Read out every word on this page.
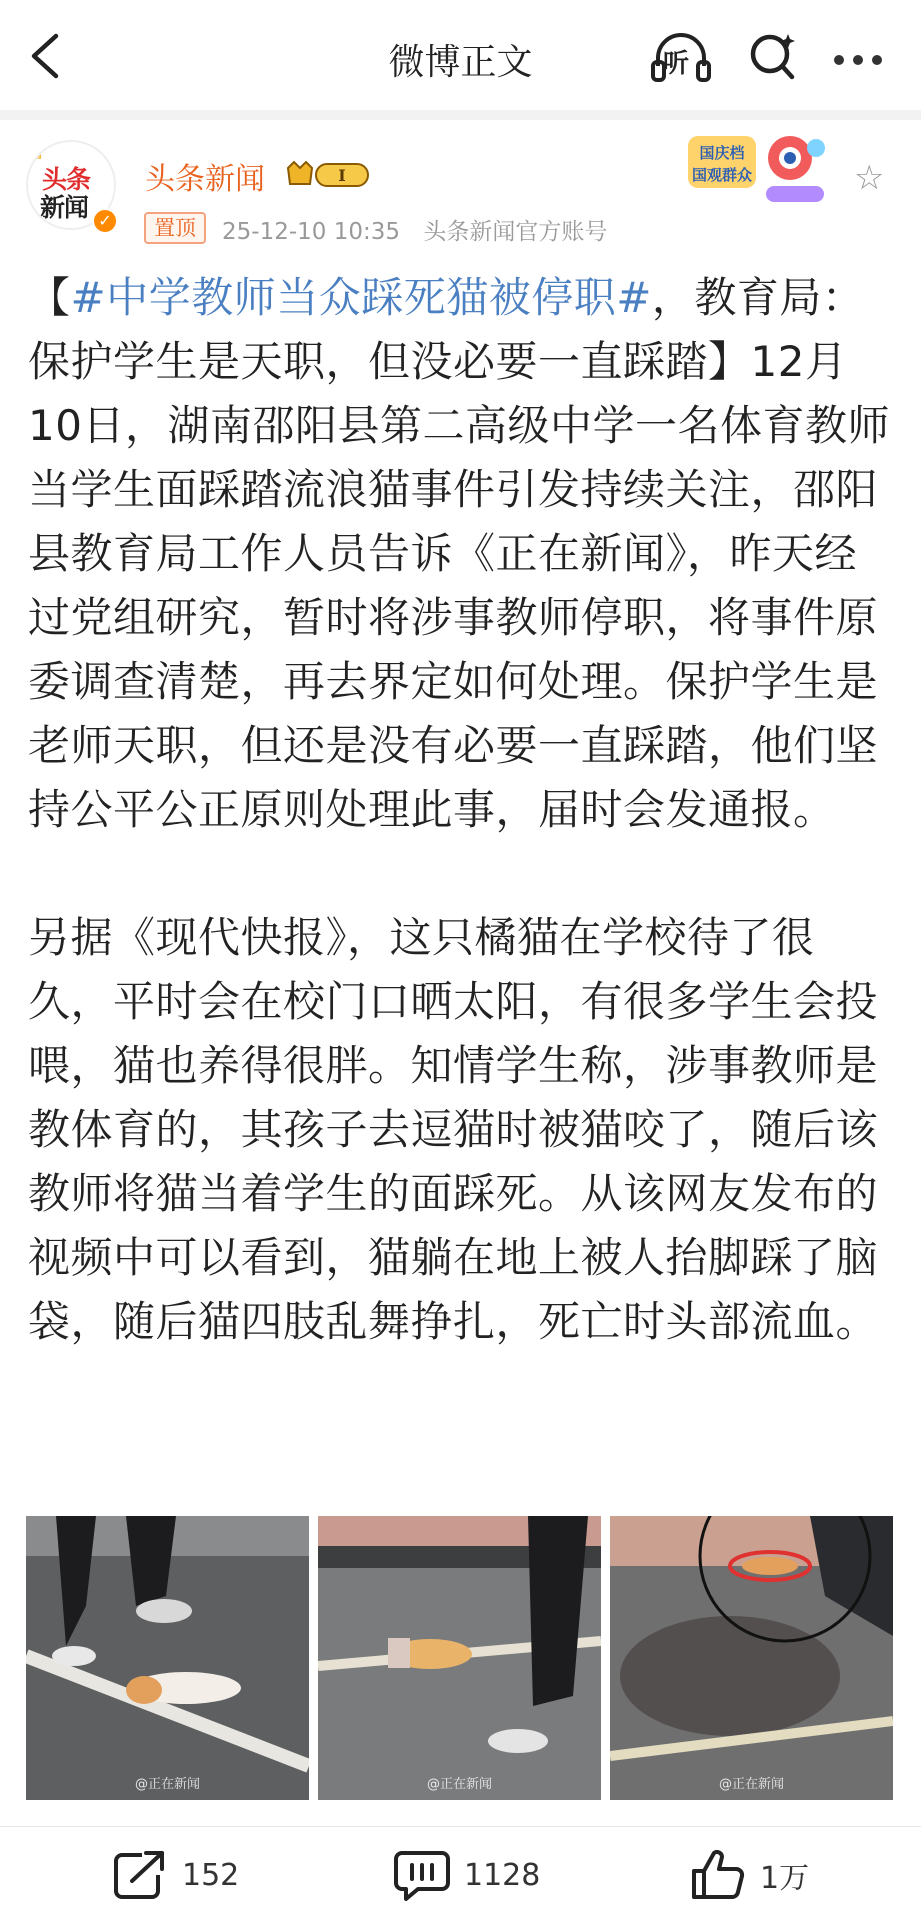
微博正文	听
♛
头条
新闻 ✓
头条新闻	I
置顶	25-12-10 10:35 头条新闻官方账号
国庆档
国观群众	☆
【#中学教师当众踩死猫被停职#，教育局：保护学生是天职，但没必要一直踩踏】12月10日，湖南邵阳县第二高级中学一名体育教师当学生面踩踏流浪猫事件引发持续关注，邵阳县教育局工作人员告诉《正在新闻》，昨天经过党组研究，暂时将涉事教师停职，将事件原委调查清楚，再去界定如何处理。保护学生是老师天职，但还是没有必要一直踩踏，他们坚持公平公正原则处理此事，届时会发通报。
另据《现代快报》，这只橘猫在学校待了很久，平时会在校门口晒太阳，有很多学生会投喂，猫也养得很胖。知情学生称，涉事教师是教体育的，其孩子去逗猫时被猫咬了，随后该教师将猫当着学生的面踩死。从该网友发布的视频中可以看到，猫躺在地上被人抬脚踩了脑袋，随后猫四肢乱舞挣扎，死亡时头部流血。
@正在新闻	@正在新闻	@正在新闻
152	1128	1万
